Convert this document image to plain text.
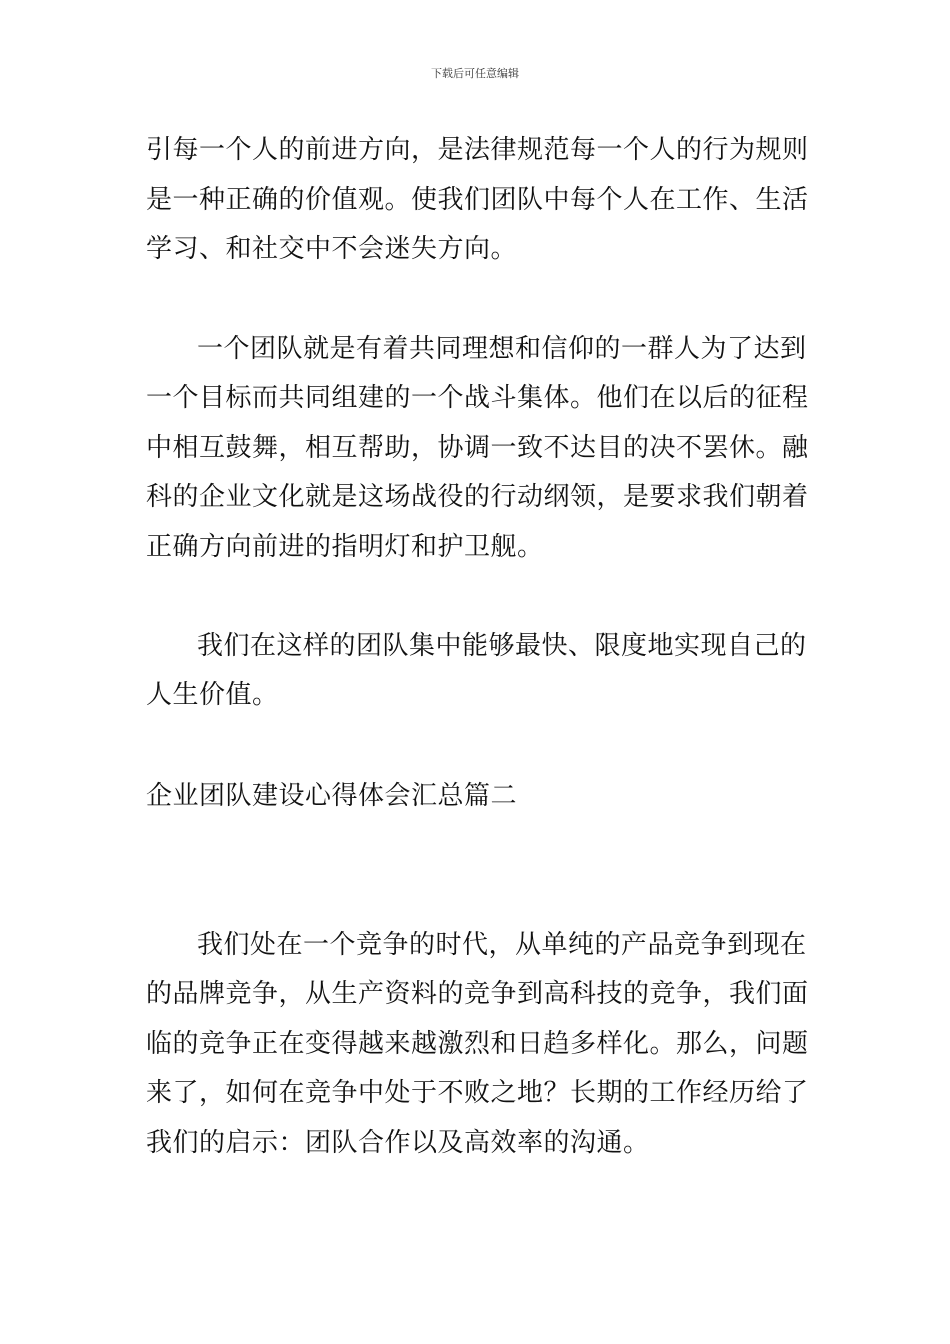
下载后可任意编辑
引每一个人的前进方向，是法律规范每一个人的行为规则
是一种正确的价值观。使我们团队中每个人在工作、生活
学习、和社交中不会迷失方向。
一个团队就是有着共同理想和信仰的一群人为了达到
一个目标而共同组建的一个战斗集体。他们在以后的征程
中相互鼓舞，相互帮助，协调一致不达目的决不罢休。融
科的企业文化就是这场战役的行动纲领，是要求我们朝着
正确方向前进的指明灯和护卫舰。
我们在这样的团队集中能够最快、限度地实现自己的
人生价值。
企业团队建设心得体会汇总篇二
我们处在一个竞争的时代，从单纯的产品竞争到现在
的品牌竞争，从生产资料的竞争到高科技的竞争，我们面
临的竞争正在变得越来越激烈和日趋多样化。那么，问题
来了，如何在竞争中处于不败之地？长期的工作经历给了
我们的启示：团队合作以及高效率的沟通。
